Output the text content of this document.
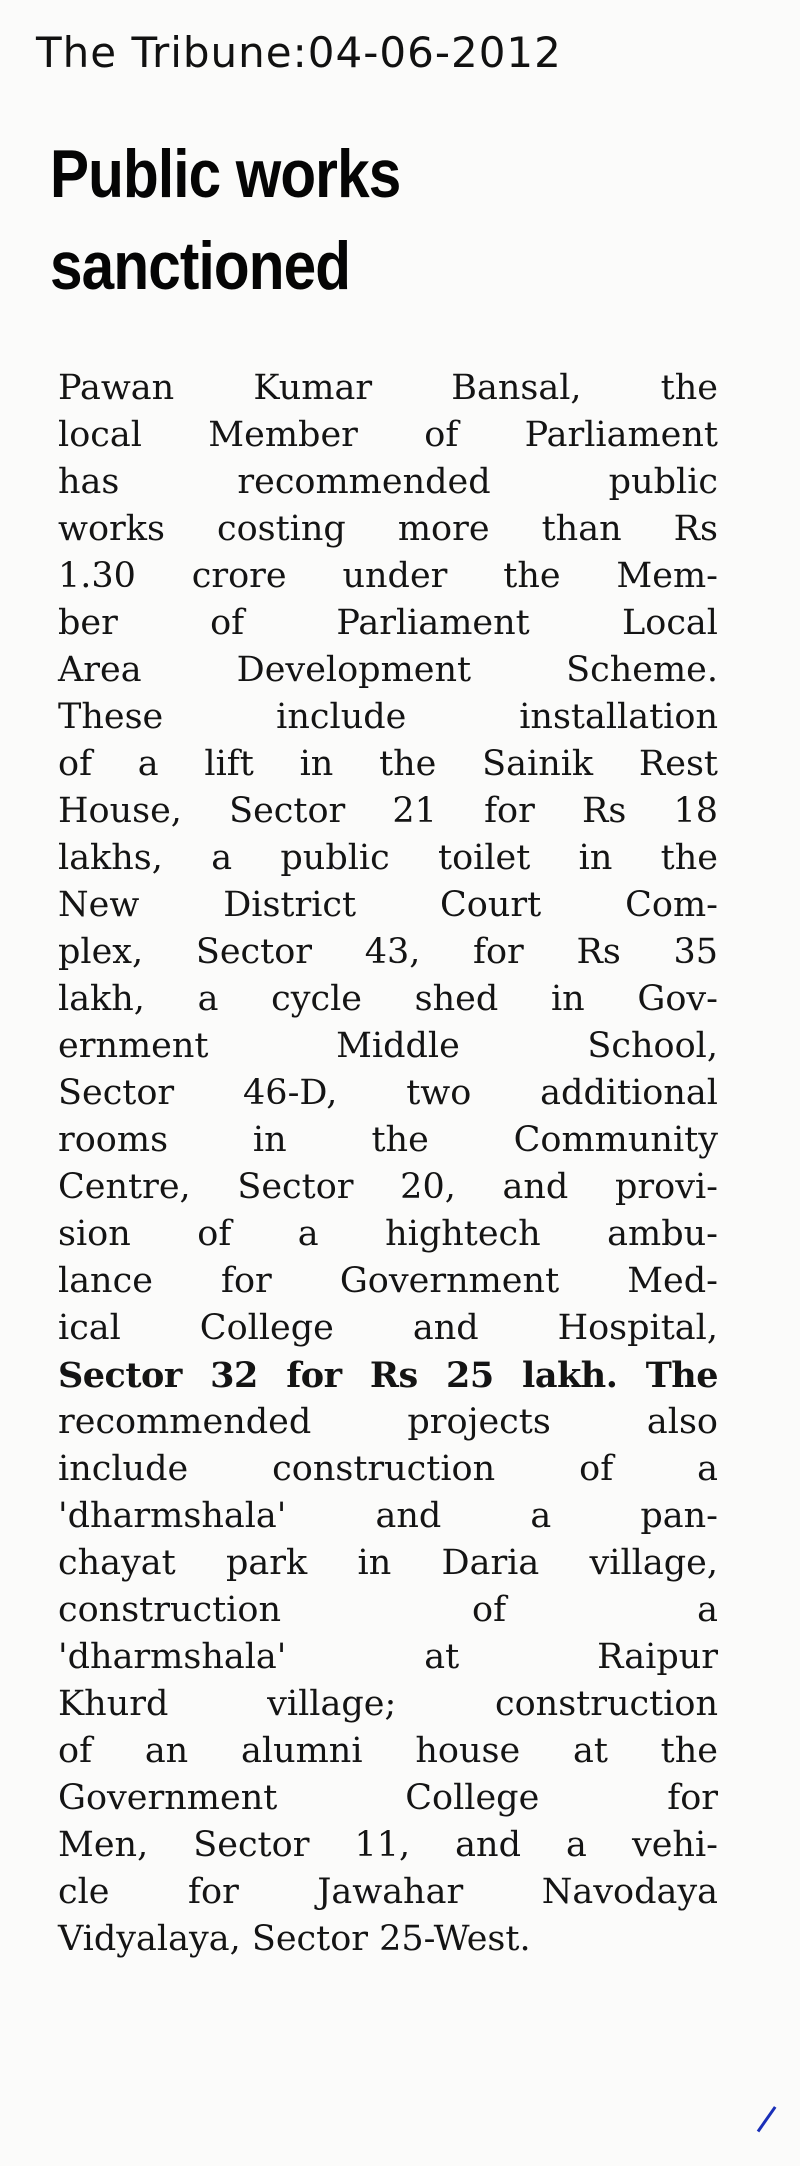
The Tribune:04-06-2012
Public works
sanctioned
Pawan Kumar Bansal, the
local Member of Parliament
has recommended public
works costing more than Rs
1.30 crore under the Mem-
ber of Parliament Local
Area Development Scheme.
These include installation
of a lift in the Sainik Rest
House, Sector 21 for Rs 18
lakhs, a public toilet in the
New District Court Com-
plex, Sector 43, for Rs 35
lakh, a cycle shed in Gov-
ernment Middle School,
Sector 46-D, two additional
rooms in the Community
Centre, Sector 20, and provi-
sion of a hightech ambu-
lance for Government Med-
ical College and Hospital,
Sector 32 for Rs 25 lakh. The
recommended projects also
include construction of a
'dharmshala' and a pan-
chayat park in Daria village,
construction of a
'dharmshala' at Raipur
Khurd village; construction
of an alumni house at the
Government College for
Men, Sector 11, and a vehi-
cle for Jawahar Navodaya
Vidyalaya, Sector 25-West.
